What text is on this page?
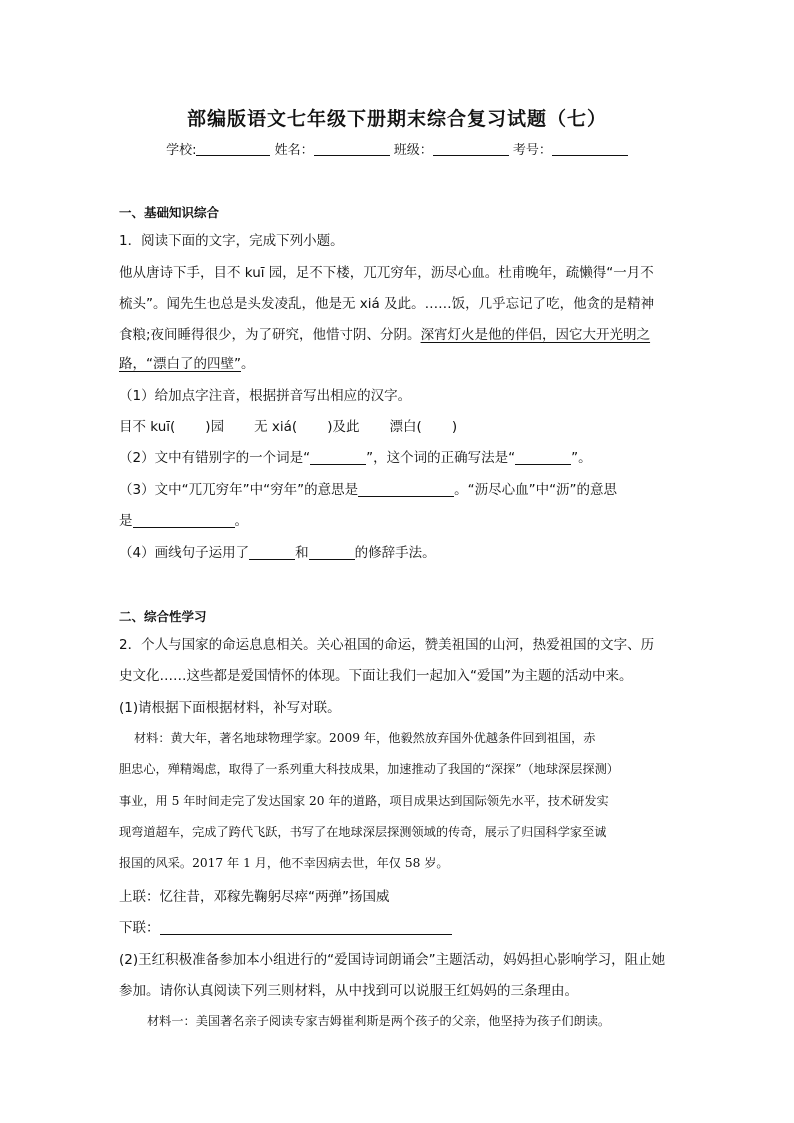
部编版语文七年级下册期末综合复习试题（七）
学校:	姓名：	班级：	考号：
一、基础知识综合
1．阅读下面的文字，完成下列小题。
他从唐诗下手，目不 kuī 园，足不下楼，兀兀穷年，沥尽心血。杜甫晚年，疏懒得“一月不
梳头”。闻先生也总是头发凌乱，他是无 xiá 及此。……饭，几乎忘记了吃，他贪的是精神
食粮;夜间睡得很少，为了研究，他惜寸阴、分阴。深宵灯火是他的伴侣，因它大开光明之
路，“漂白了的四壁”。
（1）给加点字注音，根据拼音写出相应的汉字。
目不 kuī(       )园       无 xiá(       )及此       漂白(       )
（2）文中有错别字的一个词是“	”，这个词的正确写法是“	”。
（3）文中“兀兀穷年”中“穷年”的意思是	。“沥尽心血”中“沥”的意思
是	。
（4）画线句子运用了	和	的修辞手法。
二、综合性学习
2．个人与国家的命运息息相关。关心祖国的命运，赞美祖国的山河，热爱祖国的文字、历
史文化……这些都是爱国情怀的体现。下面让我们一起加入“爱国”为主题的活动中来。
(1)请根据下面根据材料，补写对联。
材料：黄大年，著名地球物理学家。2009 年，他毅然放弃国外优越条件回到祖国，赤
胆忠心，殚精竭虑，取得了一系列重大科技成果，加速推动了我国的“深探”（地球深层探测）
事业，用 5 年时间走完了发达国家 20 年的道路，项目成果达到国际领先水平，技术研发实
现弯道超车，完成了跨代飞跃，书写了在地球深层探测领域的传奇，展示了归国科学家至诚
报国的风采。2017 年 1 月，他不幸因病去世，年仅 58 岁。
上联：忆往昔，邓稼先鞠躬尽瘁“两弹”扬国威
下联：
(2)王红积极准备参加本小组进行的“爱国诗词朗诵会”主题活动，妈妈担心影响学习，阻止她
参加。请你认真阅读下列三则材料，从中找到可以说服王红妈妈的三条理由。
材料一：美国著名亲子阅读专家吉姆崔利斯是两个孩子的父亲，他坚持为孩子们朗读。
